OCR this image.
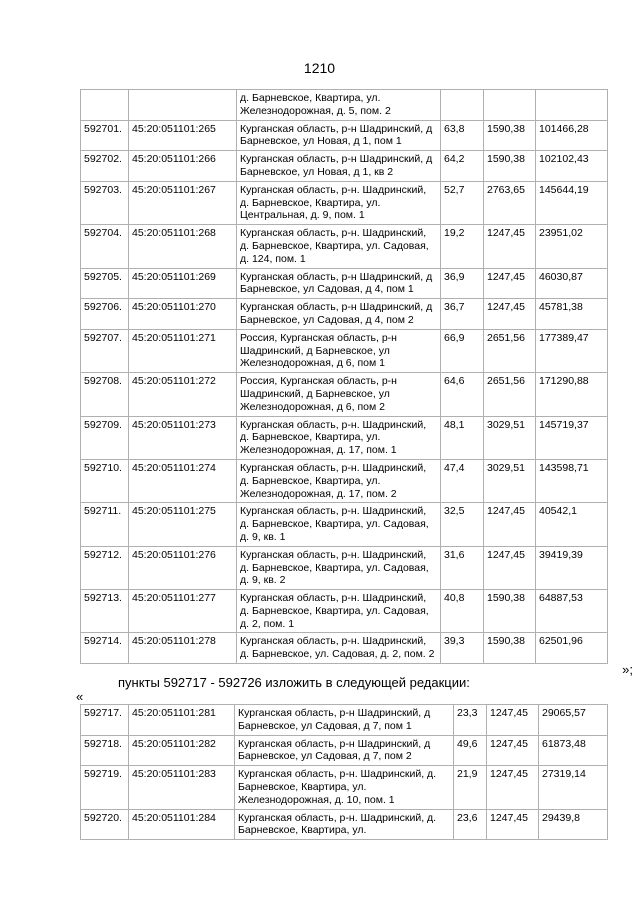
1210
		д. Барневское, Квартира, ул. Железнодорожная, д. 5, пом. 2			
592701.	45:20:051101:265	Курганская область, р-н Шадринский, д Барневское, ул Новая, д 1, пом 1	63,8	1590,38	101466,28
592702.	45:20:051101:266	Курганская область, р-н Шадринский, д Барневское, ул Новая, д 1, кв 2	64,2	1590,38	102102,43
592703.	45:20:051101:267	Курганская область, р-н. Шадринский, д. Барневское, Квартира, ул. Центральная, д. 9, пом. 1	52,7	2763,65	145644,19
592704.	45:20:051101:268	Курганская область, р-н. Шадринский, д. Барневское, Квартира, ул. Садовая, д. 124, пом. 1	19,2	1247,45	23951,02
592705.	45:20:051101:269	Курганская область, р-н Шадринский, д Барневское, ул Садовая, д 4, пом 1	36,9	1247,45	46030,87
592706.	45:20:051101:270	Курганская область, р-н Шадринский, д Барневское, ул Садовая, д 4, пом 2	36,7	1247,45	45781,38
592707.	45:20:051101:271	Россия, Курганская область, р-н Шадринский, д Барневское, ул Железнодорожная, д 6, пом 1	66,9	2651,56	177389,47
592708.	45:20:051101:272	Россия, Курганская область, р-н Шадринский, д Барневское, ул Железнодорожная, д 6, пом 2	64,6	2651,56	171290,88
592709.	45:20:051101:273	Курганская область, р-н. Шадринский, д. Барневское, Квартира, ул. Железнодорожная, д. 17, пом. 1	48,1	3029,51	145719,37
592710.	45:20:051101:274	Курганская область, р-н. Шадринский, д. Барневское, Квартира, ул. Железнодорожная, д. 17, пом. 2	47,4	3029,51	143598,71
592711.	45:20:051101:275	Курганская область, р-н. Шадринский, д. Барневское, Квартира, ул. Садовая, д. 9, кв. 1	32,5	1247,45	40542,1
592712.	45:20:051101:276	Курганская область, р-н. Шадринский, д. Барневское, Квартира, ул. Садовая, д. 9, кв. 2	31,6	1247,45	39419,39
592713.	45:20:051101:277	Курганская область, р-н. Шадринский, д. Барневское, Квартира, ул. Садовая, д. 2, пом. 1	40,8	1590,38	64887,53
592714.	45:20:051101:278	Курганская область, р-н. Шадринский, д. Барневское, ул. Садовая, д. 2, пом. 2	39,3	1590,38	62501,96
»;
пункты 592717 - 592726 изложить в следующей редакции:
«
592717.	45:20:051101:281	Курганская область, р-н Шадринский, д Барневское, ул Садовая, д 7, пом 1	23,3	1247,45	29065,57
592718.	45:20:051101:282	Курганская область, р-н Шадринский, д Барневское, ул Садовая, д 7, пом 2	49,6	1247,45	61873,48
592719.	45:20:051101:283	Курганская область, р-н. Шадринский, д. Барневское, Квартира, ул. Железнодорожная, д. 10, пом. 1	21,9	1247,45	27319,14
592720.	45:20:051101:284	Курганская область, р-н. Шадринский, д. Барневское, Квартира, ул.	23,6	1247,45	29439,8
